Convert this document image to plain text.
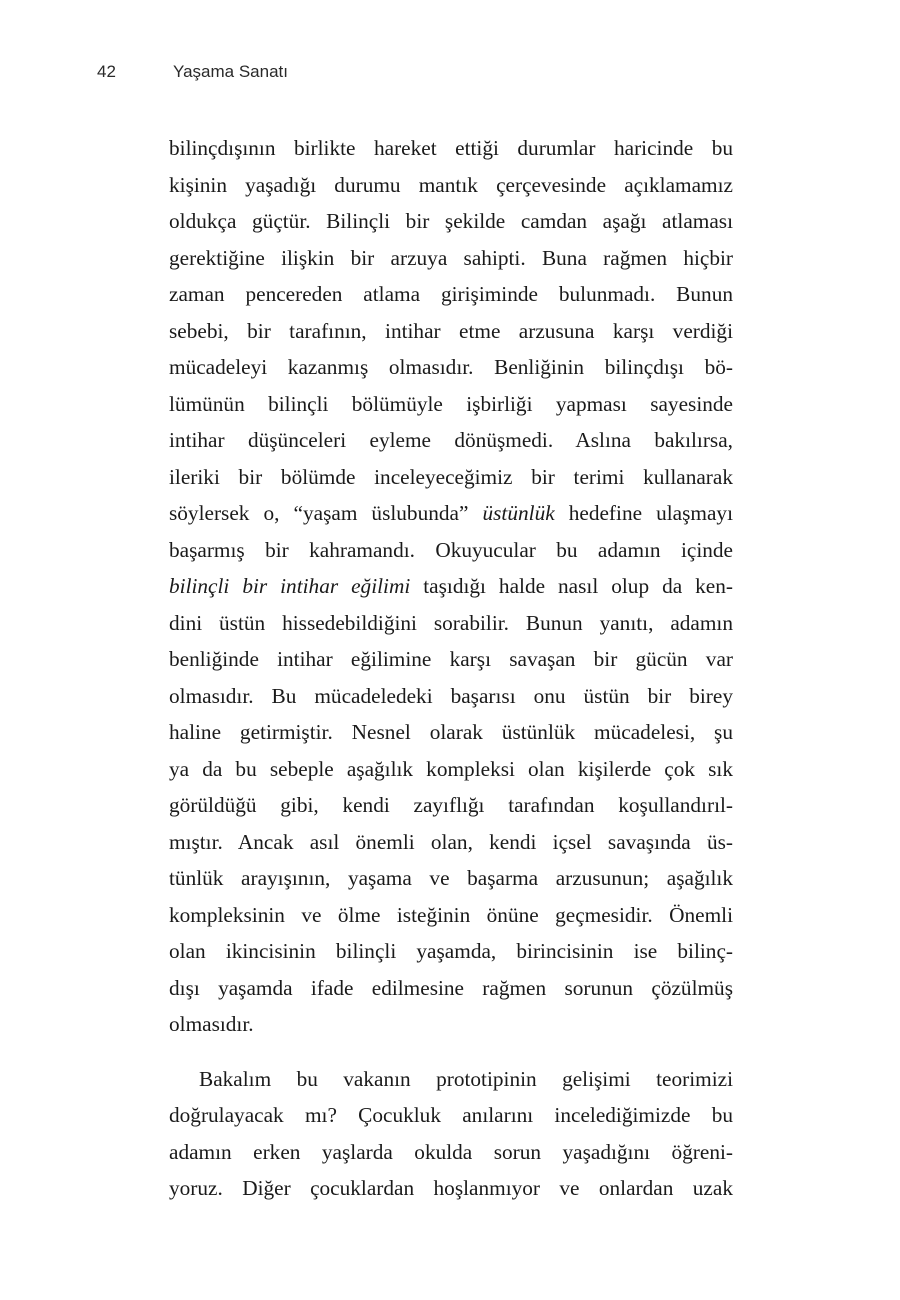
42	Yaşama Sanatı
bilinçdışının birlikte hareket ettiği durumlar haricinde bu
kişinin yaşadığı durumu mantık çerçevesinde açıklamamız
oldukça güçtür. Bilinçli bir şekilde camdan aşağı atlaması
gerektiğine ilişkin bir arzuya sahipti. Buna rağmen hiçbir
zaman pencereden atlama girişiminde bulunmadı. Bunun
sebebi, bir tarafının, intihar etme arzusuna karşı verdiği
mücadeleyi kazanmış olmasıdır. Benliğinin bilinçdışı bö-
lümünün bilinçli bölümüyle işbirliği yapması sayesinde
intihar düşünceleri eyleme dönüşmedi. Aslına bakılırsa,
ileriki bir bölümde inceleyeceğimiz bir terimi kullanarak
söylersek o, “yaşam üslubunda” üstünlük hedefine ulaşmayı
başarmış bir kahramandı. Okuyucular bu adamın içinde
bilinçli bir intihar eğilimi taşıdığı halde nasıl olup da ken-
dini üstün hissedebildiğini sorabilir. Bunun yanıtı, adamın
benliğinde intihar eğilimine karşı savaşan bir gücün var
olmasıdır. Bu mücadeledeki başarısı onu üstün bir birey
haline getirmiştir. Nesnel olarak üstünlük mücadelesi, şu
ya da bu sebeple aşağılık kompleksi olan kişilerde çok sık
görüldüğü gibi, kendi zayıflığı tarafından koşullandırıl-
mıştır. Ancak asıl önemli olan, kendi içsel savaşında üs-
tünlük arayışının, yaşama ve başarma arzusunun; aşağılık
kompleksinin ve ölme isteğinin önüne geçmesidir. Önemli
olan ikincisinin bilinçli yaşamda, birincisinin ise bilinç-
dışı yaşamda ifade edilmesine rağmen sorunun çözülmüş
olmasıdır.
Bakalım bu vakanın prototipinin gelişimi teorimizi
doğrulayacak mı? Çocukluk anılarını incelediğimizde bu
adamın erken yaşlarda okulda sorun yaşadığını öğreni-
yoruz. Diğer çocuklardan hoşlanmıyor ve onlardan uzak
